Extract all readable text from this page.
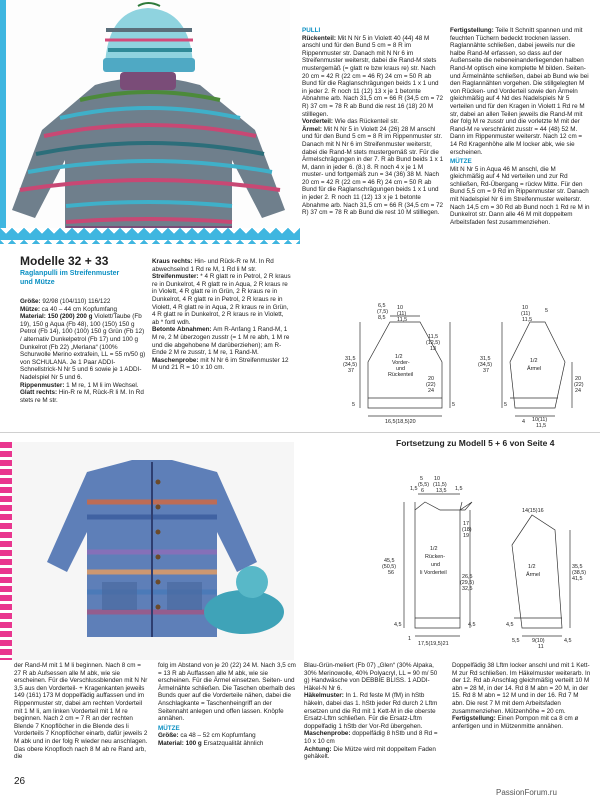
Modelle 32 + 33
Raglanpulli im Streifenmuster und Mütze

Größe: 92/98 (104/110) 116/122

Mütze: ca 40 – 44 cm Kopfumfang

Material: 150 (200) 200 g Violett/Taube (Fb 19), 150 g Aqua (Fb 48), 100 (150) 150 g Petrol (Fb 14), 100 (100) 150 g Grün (Fb 12) / alternativ Dunkelpetrol (Fb 17) und 100 g Dunkelrot (Fb 22) „Merlana“ (100% Schurwolle Merino extrafein, LL = 55 m/50 g) von SCHULANA. Je 1 Paar ADDI-Schnellstrick-N Nr 5 und 6 sowie je 1 ADDI-Nadelspiel Nr 5 und 6.

Rippenmuster: 1 M re, 1 M li im Wechsel.

Glatt rechts: Hin-R re M, Rück-R li M. In Rd stets re M str.

Kraus rechts: Hin- und Rück-R re M. In Rd abwechselnd 1 Rd re M, 1 Rd li M str.

Streifenmuster: * 4 R glatt re in Petrol, 2 R kraus re in Dunkelrot, 4 R glatt re in Aqua, 2 R kraus re in Violett, 4 R glatt re in Grün, 2 R kraus re in Dunkelrot, 4 R glatt re in Petrol, 2 R kraus re in Violett, 4 R glatt re in Aqua, 2 R kraus re in Grün, 4 R glatt re in Dunkelrot, 2 R kraus re in Violett, ab * fortl wdh.

Betonte Abnahmen: Am R-Anfang 1 Rand-M, 1 M re, 2 M überzogen zusstr (= 1 M re abh, 1 M re und die abgehobene M darüberziehen); am R-Ende 2 M re zusstr, 1 M re, 1 Rand-M.

Maschenprobe: mit N Nr 6 im Streifenmuster 12 M und 21 R = 10 x 10 cm.

PULLI

Rückenteil: Mit N Nr 5 in Violett 40 (44) 48 M anschl und für den Bund 5 cm = 8 R im Rippenmuster str. Danach mit N Nr 6 im Streifenmuster weiterstr, dabei die Rand-M stets mustergemäß (= glatt re bzw kraus re) str. Nach 20 cm = 42 R (22 cm = 46 R) 24 cm = 50 R ab Bund für die Raglanschrägungen beids 1 x 1 und in jeder 2. R noch 11 (12) 13 x je 1 betonte Abnahme arb. Nach 31,5 cm = 66 R (34,5 cm = 72 R) 37 cm = 78 R ab Bund die rest 16 (18) 20 M stilllegen.

Vorderteil: Wie das Rückenteil str.

Ärmel: Mit N Nr 5 in Violett 24 (26) 28 M anschl und für den Bund 5 cm = 8 R im Rippenmuster str. Danach mit N Nr 6 im Streifenmuster weiterstr, dabei die Rand-M stets mustergemäß str. Für die Ärmelschrägungen in der 7. R ab Bund beids 1 x 1 M, dann in jeder 6. (8.) 8. R noch 4 x je 1 M muster- und fortgemäß zun = 34 (36) 38 M. Nach 20 cm = 42 R (22 cm = 46 R) 24 cm = 50 R ab Bund für die Raglanschrägungen beids 1 x 1 und in jeder 2. R noch 11 (12) 13 x je 1 betonte Abnahme arb. Nach 31,5 cm = 66 R (34,5 cm = 72 R) 37 cm = 78 R ab Bund die rest 10 M stilllegen.

Fertigstellung: Teile lt Schnitt spannen und mit feuchten Tüchern bedeckt trocknen lassen. Raglannähte schließen, dabei jeweils nur die halbe Rand-M erfassen, so dass auf der Außenseite die nebeneinanderliegenden halben Rand-M optisch eine komplette M bilden. Seiten- und Ärmelnähte schließen, dabei ab Bund wie bei den Raglannähten vorgehen. Die stillgelegten M von Rücken- und Vorderteil sowie den Ärmeln gleichmäßig auf 4 Nd des Nadelspiels Nr 5 verteilen und für den Kragen in Violett 1 Rd re M str, dabei an allen Teilen jeweils die Rand-M mit der folg M re zusstr und die vorletzte M mit der Rand-M re verschränkt zusstr = 44 (48) 52 M. Dann im Rippenmuster weiterstr. Nach 12 cm = 14 Rd Kragenhöhe alle M locker abk, wie sie erscheinen.

MÜTZE
Mit N Nr 5 in Aqua 46 M anschl, die M gleichmäßig auf 4 Nd verteilen und zur Rd schließen, Rd-Übergang = rückw Mitte. Für den Bund 5,5 cm = 9 Rd im Rippenmuster str. Danach mit Nadelspiel Nr 6 im Streifenmuster weiterstr. Nach 14,5 cm = 30 Rd ab Bund noch 1 Rd re M in Dunkelrot str. Dann alle 46 M mit doppeltem Arbeitsfaden fest zusammenziehen.
6,5
(7,5)
8,5
10
(11)
11,5
31,5
(34,5)
37
11,5
(12,5)
13
20
(22)
24
1/2
Vorder-
und
Rückenteil
5	5
16,5(18,5)20
10
(11)
11,5
5
31,5
(34,5)
37
20
(22)
24
1/2
Ärmel
5
4 10(11)
11,5
Fortsetzung zu Modell 5 + 6 von Seite 4
1,5
5
(5,5)
6
10
(11,5)
13,5 1,5
17
(18)
19
26,5
(29,5)
32,5
45,5
(50,5)
56
4,5
1/2
Rücken-
und
li Vorderteil
1
17,5(19,5)21
4,5
14(15)16
35,5
(38,5)
41,5
1/2
Ärmel
4,5
9(10)
11
5,5	4,5
der Rand-M mit 1 M li beginnen. Nach 8 cm = 27 R ab Aufsessen alle M abk, wie sie erscheinen. Für die Verschlussblenden mit N Nr 3,5 aus den Vorderteil- + Kragenkanten jeweils 149 (161) 173 M doppelfädig auffassen und im Rippenmuster str, dabei am rechten Vorderteil mit 1 M li, am linken Vorderteil mit 1 M re beginnen. Nach 2 cm = 7 R an der rechten Blende 7 Knopflöcher in die Blende des li Vorderteils 7 Knopflöcher einarb, dafür jeweils 2 M abk und in der folg R wieder neu anschlagen. Das obere Knopfloch nach 8 M ab re Rand arb, die
folg im Abstand von je 20 (22) 24 M. Nach 3,5 cm = 13 R ab Auffassen alle M abk, wie sie erscheinen. Für die Ärmel einsetzen. Seiten- und Ärmelnähte schließen. Die Taschen oberhalb des Bunds quer auf die Vorderteile nähen, dabei die Anschlagkante = Taschenheingriff an der Seitennaht anlegen und offen lassen. Knöpfe annähen.
MÜTZE

Größe: ca 48 – 52 cm Kopfumfang

Material: 100 g Ersatzqualität ähnlich

Blau-Grün-meliert (Fb 07) „Glen“ (30% Alpaka, 30% Merinowolle, 40% Polyacryl, LL = 90 m/ 50 g) Handwäsche von DEBBIE BLISS. 1 ADDI-Häkel-N Nr 6.

Häkelmuster: In 1. Rd feste M (fM) in hStb häkeln, dabei das 1. hStb jeder Rd durch 2 Lftm ersetzen und die Rd mit 1 Kett-M in die oberste Ersatz-Lftm schließen. Für die Ersatz-Lftm doppelfadig 1 hStb der Vor-Rd übergehen.

Maschenprobe: doppelfädig 8 hStb und 8 Rd = 10 x 10 cm

Achtung: Die Mütze wird mit doppeltem Faden gehäkelt.

Doppelfädig 38 Lftm locker anschl und mit 1 Kett-M zur Rd schließen. Im Häkelmuster weiterarb. In der 12. Rd ab Anschlag gleichmäßig verteilt 10 M abn = 28 M, in der 14. Rd 8 M abn = 20 M, in der 15. Rd 8 M abn = 12 M und in der 16. Rd 7 M abn. Die rest 7 M mit dem Arbeitsfaden zusammenziehen. Mützenhöhe = 20 cm.

Fertigstellung: Einen Pompon mit ca 8 cm ø anfertigen und in Mützenmitte annähen.

26
PassionForum.ru
